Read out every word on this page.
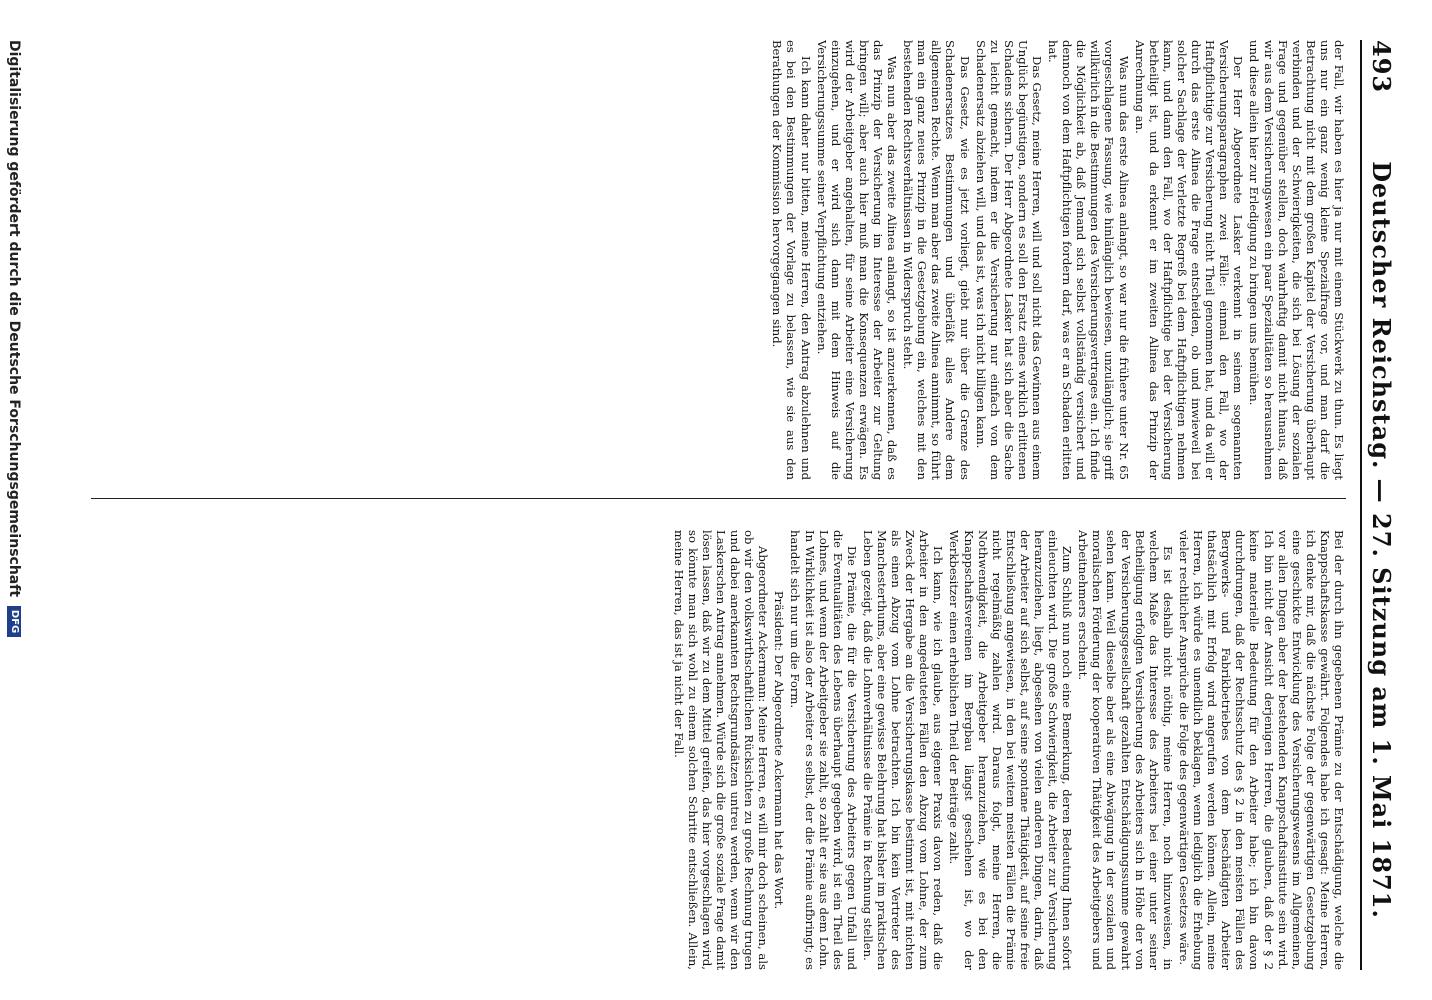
493
Deutscher Reichstag. — 27. Sitzung am 1. Mai 1871.

der Fall, wir haben es hier ja nur mit einem Stückwerk zu thun. Es liegt uns nur ein ganz wenig kleine Spezialfrage vor, und man darf die Betrachtung nicht mit dem großen Kapitel der Versicherung überhaupt verbinden und der Schwierigkeiten, die sich bei Lösung der sozialen Frage und gegenüber stellen, doch wahrhaftig damit nicht hinaus, daß wir aus dem Versicherungswesen ein paar Spezialitäten so herausnehmen und diese allein hier zur Erledigung zu bringen uns bemühen.

Der Herr Abgeordnete Lasker verkennt in seinem sogenannten Versicherungsparagraphen zwei Fälle: einmal den Fall, wo der Haftpflichtige zur Versicherung nicht Theil genommen hat, und da will er durch das erste Alinea die Frage entscheiden, ob und inwieweil bei solcher Sachlage der Verletzte Regreß bei dem Haftpflichtigen nehmen kann, und dann den Fall, wo der Haftpflichtige bei der Versicherung betheiligt ist, und da erkennt er im zweiten Alinea das Prinzip der Anrechnung an.

Was nun das erste Alinea anlangt, so war nur die frühere unter Nr. 65 vorgeschlagene Fassung, wie hinlänglich bewiesen, unzulänglich; sie griff willkürlich in die Bestimmungen des Versicherungsvertrages ein. Ich finde die Möglichkeit ab, daß Jemand sich selbst vollständig versichert und dennoch von dem Haftpflichtigen fordern darf, was er an Schaden erlitten hat.

Das Gesetz, meine Herren, will und soll nicht das Gewinnen aus einem Unglück begünstigen, sondern es soll den Ersatz eines wirklich erlittenen Schadens sichern. Der Herr Abgeordnete Lasker hat sich aber die Sache zu leicht gemacht, indem er die Versicherung nur einfach von dem Schadenersatz abziehen will, und das ist, was ich nicht billigen kann.

Das Gesetz, wie es jetzt vorliegt, giebt nur über die Grenze des Schadenersatzes Bestimmungen und überläßt alles Andere dem allgemeinen Rechte. Wenn man aber das zweite Alinea annimmt, so führt man ein ganz neues Prinzip in die Gesetzgebung ein, welches mit den bestehenden Rechtsverhältnissen in Widerspruch steht.

Was nun aber das zweite Alinea anlangt, so ist anzuerkennen, daß es das Prinzip der Versicherung im Interesse der Arbeiter zur Geltung bringen will; aber auch hier muß man die Konsequenzen erwägen. Es wird der Arbeitgeber angehalten, für seine Arbeiter eine Versicherung einzugehen, und er wird sich dann mit dem Hinweis auf die Versicherungssumme seiner Verpflichtung entziehen.

Ich kann daher nur bitten, meine Herren, den Antrag abzulehnen und es bei den Bestimmungen der Vorlage zu belassen, wie sie aus den Berathungen der Kommission hervorgegangen sind.

Bei der durch ihn gegebenen Prämie zu der Entschädigung, welche die Knappschaftskasse gewährt. Folgendes habe ich gesagt: Meine Herren, ich denke mir, daß die nächste Folge der gegenwärtigen Gesetzgebung eine geschickte Entwicklung des Versicherungswesens im Allgemeinen, vor allen Dingen aber der bestehenden Knappschaftsinstitute sein wird. Ich bin nicht der Ansicht derjenigen Herren, die glauben, daß der § 2 keine materielle Bedeutung für den Arbeiter habe; ich bin davon durchdrungen, daß der Rechtsschutz des § 2 in den meisten Fällen des Bergwerks- und Fabrikbetriebes von dem beschädigten Arbeiter thatsächlich mit Erfolg wird angerufen werden können. Allein, meine Herren, ich würde es unendlich beklagen, wenn lediglich die Erhebung vieler rechtlicher Ansprüche die Folge des gegenwärtigen Gesetzes wäre.

Es ist deshalb nicht nöthig, meine Herren, noch hinzuweisen, in welchem Maße das Interesse des Arbeiters bei einer unter seiner Betheiligung erfolgten Versicherung des Arbeiters sich in Höhe der von der Versicherungsgesellschaft gezahlten Entschädigungssumme gewahrt sehen kann. Weil dieselbe aber als eine Abwägung in der sozialen und moralischen Förderung der kooperativen Thätigkeit des Arbeitgebers und Arbeitnehmers erscheint.

Zum Schluß nun noch eine Bemerkung, deren Bedeutung Ihnen sofort einleuchten wird. Die große Schwierigkeit, die Arbeiter zur Versicherung heranzuziehen, liegt, abgesehen von vielen anderen Dingen, darin, daß der Arbeiter auf sich selbst, auf seine spontane Thätigkeit, auf seine freie Entschließung angewiesen, in den bei weitem meisten Fällen die Prämie nicht regelmäßig zahlen wird. Daraus folgt, meine Herren, die Nothwendigkeit, die Arbeitgeber heranzuziehen, wie es bei den Knappschaftsvereinen im Bergbau längst geschehen ist, wo der Werkbesitzer einen erheblichen Theil der Beiträge zahlt.

Ich kann, wie ich glaube, aus eigener Praxis davon reden, daß die Arbeiter in den angedeuteten Fällen den Abzug vom Lohne, der zum Zweck der Hergabe an die Versicherungskasse bestimmt ist, mit nichten als einen Abzug vom Lohne betrachten. Ich bin kein Vertreter des Manchesterthums, aber eine gewisse Belehrung hat bisher im praktischen Leben gezeigt, daß die Lohnverhältnisse die Prämie in Rechnung stellen.

Die Prämie, die für die Versicherung des Arbeiters gegen Unfall und die Eventualitäten des Lebens überhaupt gegeben wird, ist ein Theil des Lohnes, und wenn der Arbeitgeber sie zahlt, so zahlt er sie aus dem Lohn. In Wirklichkeit ist also der Arbeiter es selbst, der die Prämie aufbringt; es handelt sich nur um die Form.

Präsident: Der Abgeordnete Ackermann hat das Wort.

Abgeordneter Ackermann: Meine Herren, es will mir doch scheinen, als ob wir den volkswirthschaftlichen Rücksichten zu große Rechnung trugen und dabei anerkannten Rechtsgrundsätzen untreu werden, wenn wir den Laskerschen Antrag annehmen. Würde sich die große soziale Frage damit lösen lassen, daß wir zu dem Mittel greifen, das hier vorgeschlagen wird, so könnte man sich wohl zu einem solchen Schritte entschließen. Allein, meine Herren, das ist ja nicht der Fall.

Digitalisierung gefördert durch die Deutsche Forschungsgemeinschaft DFG
